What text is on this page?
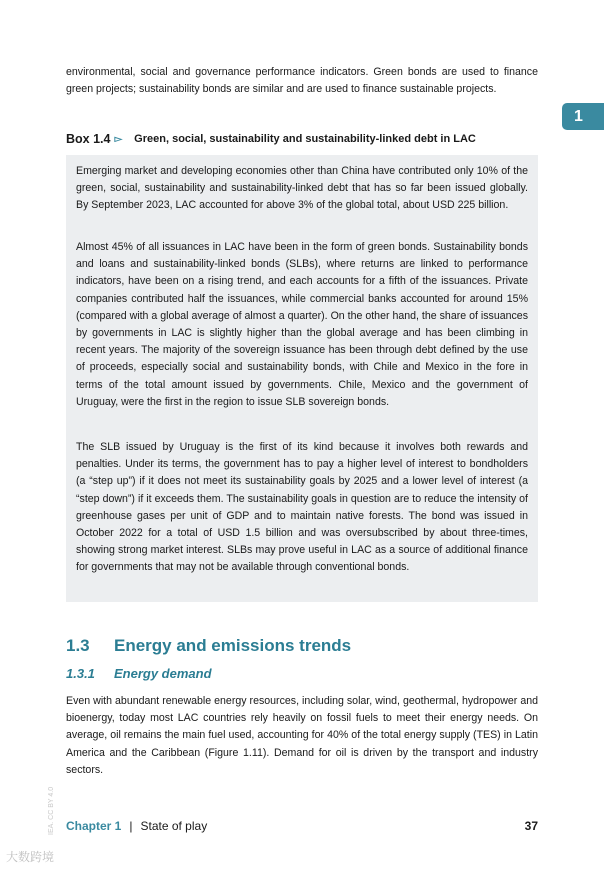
environmental, social and governance performance indicators. Green bonds are used to finance green projects; sustainability bonds are similar and are used to finance sustainable projects.

1
Box 1.4 ▻ Green, social, sustainability and sustainability-linked debt in LAC

Emerging market and developing economies other than China have contributed only 10% of the green, social, sustainability and sustainability-linked debt that has so far been issued globally. By September 2023, LAC accounted for above 3% of the global total, about USD 225 billion.

Almost 45% of all issuances in LAC have been in the form of green bonds. Sustainability bonds and loans and sustainability-linked bonds (SLBs), where returns are linked to performance indicators, have been on a rising trend, and each accounts for a fifth of the issuances. Private companies contributed half the issuances, while commercial banks accounted for around 15% (compared with a global average of almost a quarter). On the other hand, the share of issuances by governments in LAC is slightly higher than the global average and has been climbing in recent years. The majority of the sovereign issuance has been through debt defined by the use of proceeds, especially social and sustainability bonds, with Chile and Mexico in the fore in terms of the total amount issued by governments. Chile, Mexico and the government of Uruguay, were the first in the region to issue SLB sovereign bonds.

The SLB issued by Uruguay is the first of its kind because it involves both rewards and penalties. Under its terms, the government has to pay a higher level of interest to bondholders (a “step up”) if it does not meet its sustainability goals by 2025 and a lower level of interest (a “step down”) if it exceeds them. The sustainability goals in question are to reduce the intensity of greenhouse gases per unit of GDP and to maintain native forests. The bond was issued in October 2022 for a total of USD 1.5 billion and was oversubscribed by about three-times, showing strong market interest. SLBs may prove useful in LAC as a source of additional finance for governments that may not be available through conventional bonds.

1.3 Energy and emissions trends
1.3.1 Energy demand

Even with abundant renewable energy resources, including solar, wind, geothermal, hydropower and bioenergy, today most LAC countries rely heavily on fossil fuels to meet their energy needs. On average, oil remains the main fuel used, accounting for 40% of the total energy supply (TES) in Latin America and the Caribbean (Figure 1.11). Demand for oil is driven by the transport and industry sectors.

IEA. CC BY 4.0 Chapter 1 | State of play	37
大数跨境
